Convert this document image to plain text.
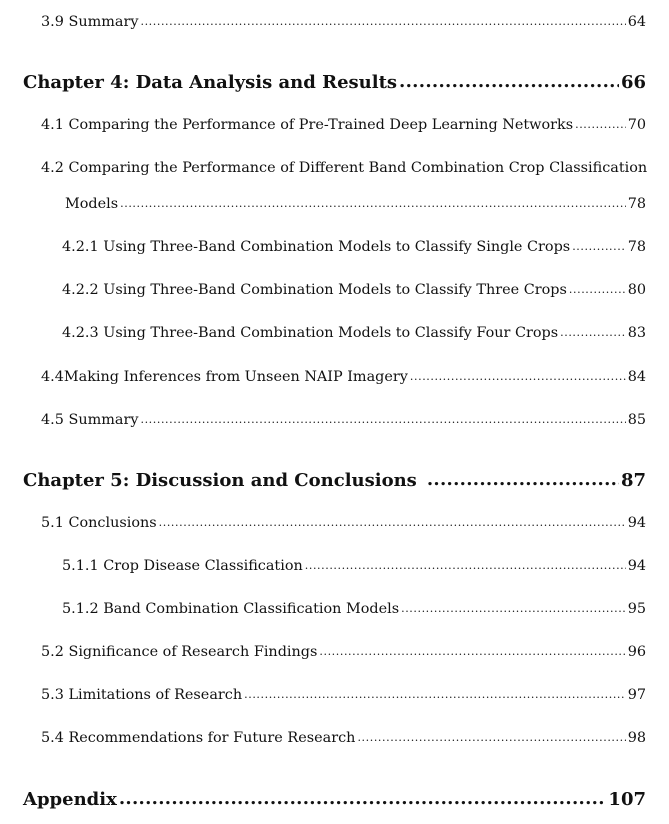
3.9 Summary .....	64
Chapter 4: Data Analysis and Results .....	66
4.1 Comparing the Performance of Pre-Trained Deep Learning Networks .....	70
4.2 Comparing the Performance of Different Band Combination Crop Classification
Models .....	78
4.2.1 Using Three-Band Combination Models to Classify Single Crops .....	78
4.2.2 Using Three-Band Combination Models to Classify Three Crops .....	80
4.2.3 Using Three-Band Combination Models to Classify Four Crops .....	83
4.4 Making Inferences from Unseen NAIP Imagery .....	84
4.5 Summary .....	85
Chapter 5: Discussion and Conclusions .....	87
5.1 Conclusions .....	94
5.1.1 Crop Disease Classification .....	94
5.1.2 Band Combination Classification Models .....	95
5.2 Significance of Research Findings .....	96
5.3 Limitations of Research .....	97
5.4 Recommendations for Future Research .....	98
Appendix .....	107
